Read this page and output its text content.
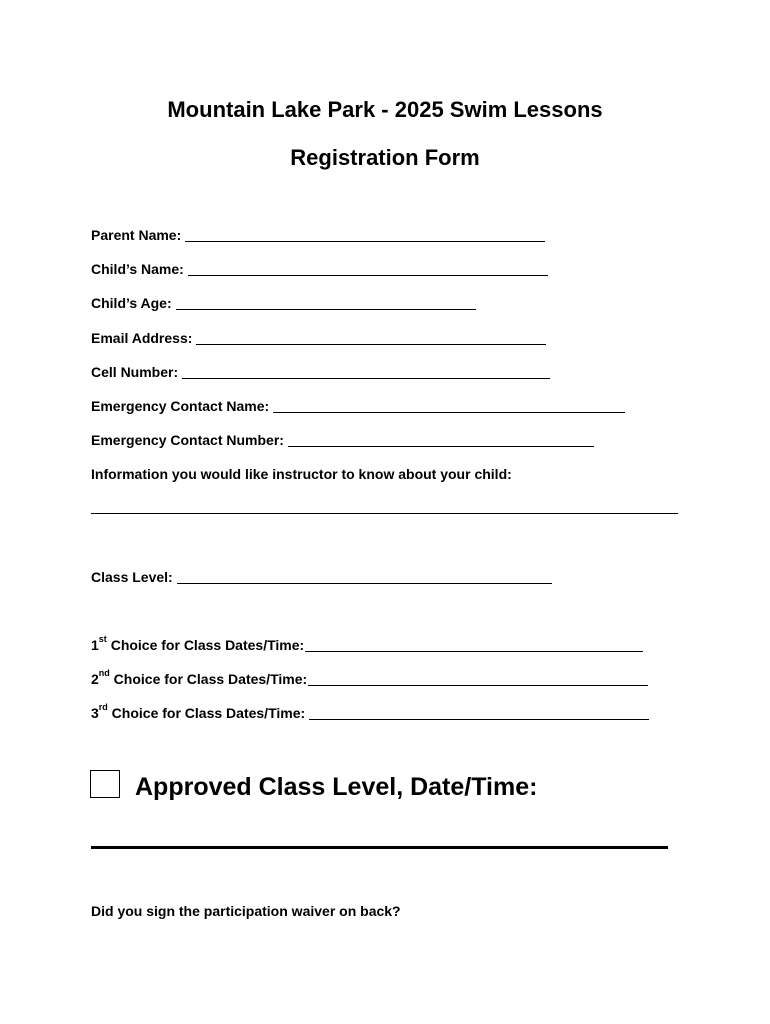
Mountain Lake Park - 2025 Swim Lessons
Registration Form
Parent Name:
Child’s Name:
Child’s Age:
Email Address:
Cell Number:
Emergency Contact Name:
Emergency Contact Number:
Information you would like instructor to know about your child:
Class Level:
1st Choice for Class Dates/Time:
2nd Choice for Class Dates/Time:
3rd Choice for Class Dates/Time:
Approved Class Level, Date/Time:
Did you sign the participation waiver on back?
